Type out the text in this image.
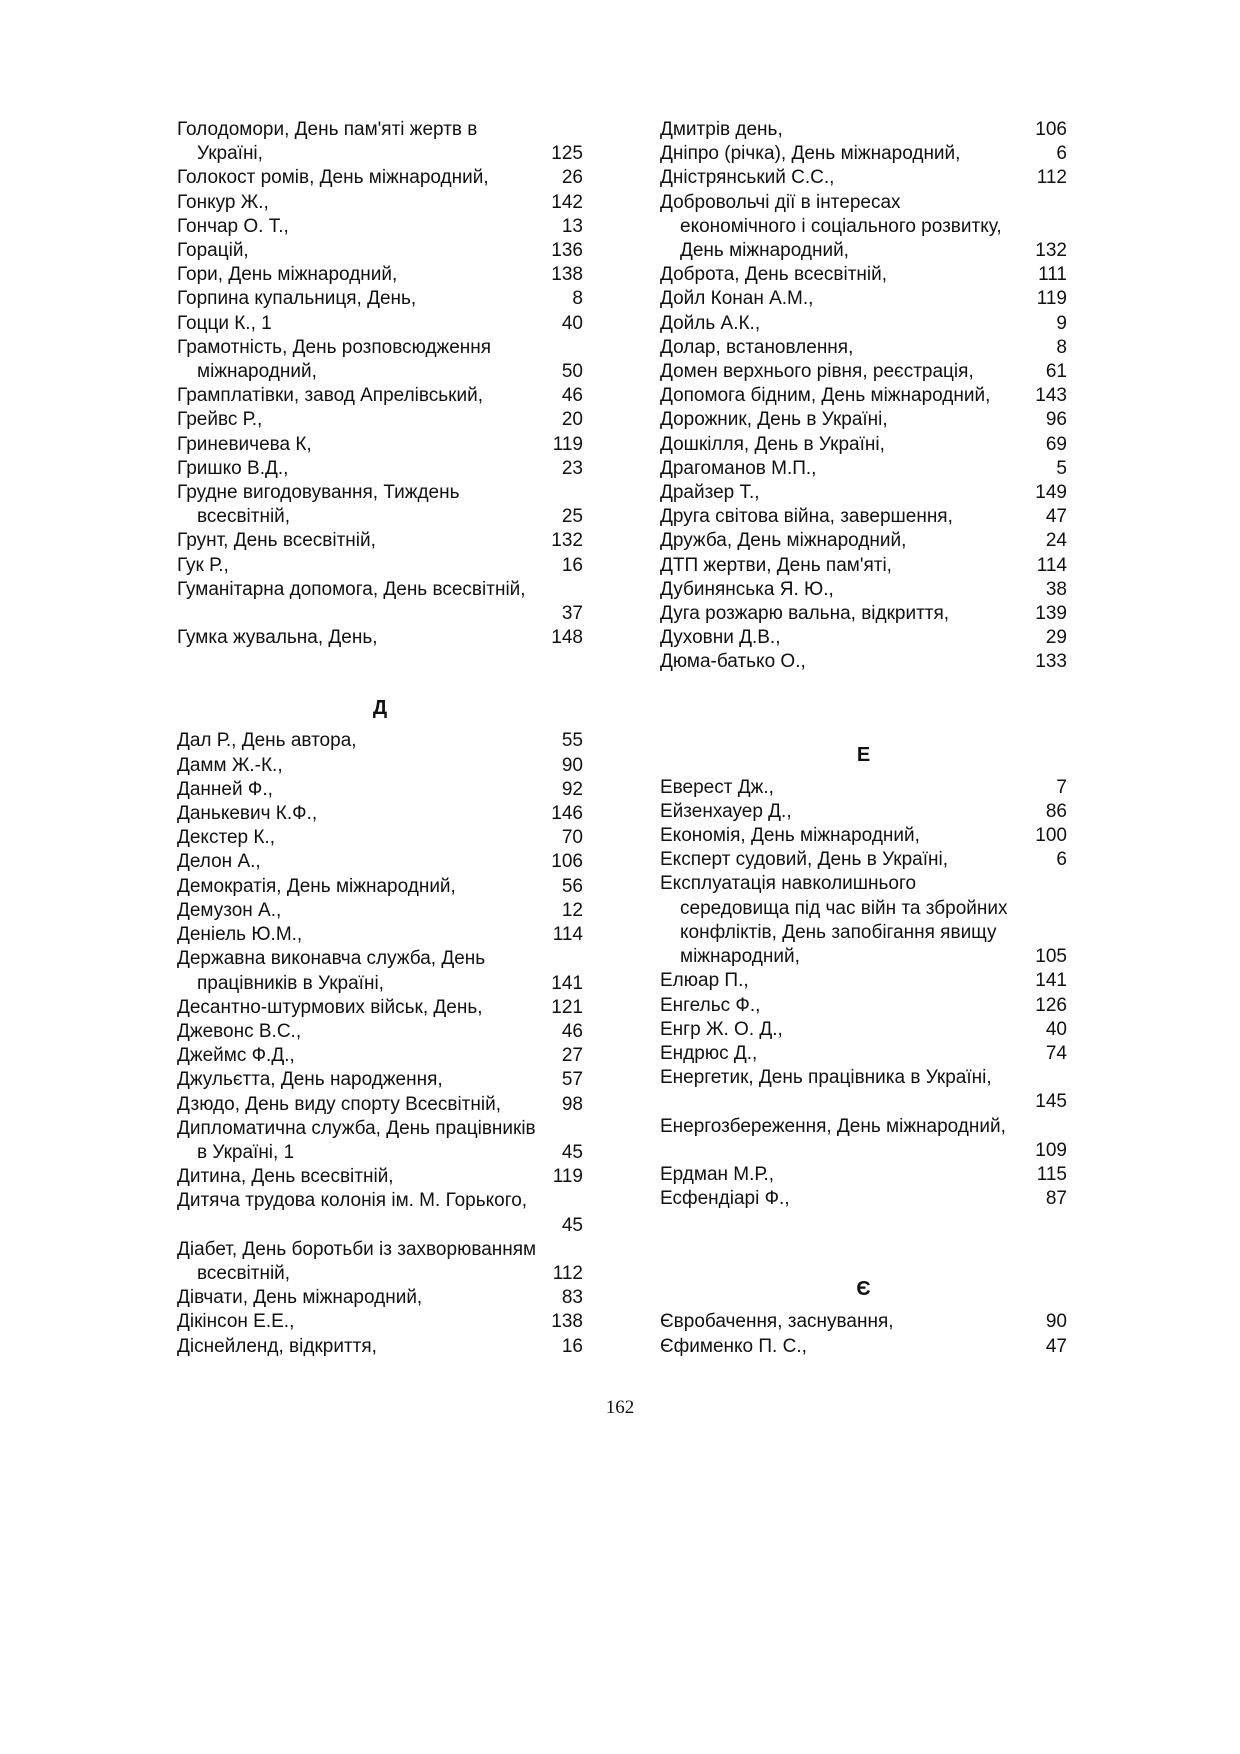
Голодомори, День пам'яті жертв в
Україні,	125
Голокост ромів, День міжнародний,	26
Гонкур Ж.,	142
Гончар О. Т.,	13
Горацій,	136
Гори, День міжнародний,	138
Горпина купальниця, День,	8
Гоцци К., 1	40
Грамотність, День розповсюдження
міжнародний,	50
Грамплатівки, завод Апрелівський,	46
Грейвс Р.,	20
Гриневичева К,	119
Гришко В.Д.,	23
Грудне вигодовування, Тиждень
всесвітній,	25
Грунт, День всесвітній,	132
Гук Р.,	16
Гуманітарна допомога, День всесвітній,
37
Гумка жувальна, День,	148
Д
Дал Р., День автора,	55
Дамм Ж.-К.,	90
Данней Ф.,	92
Данькевич К.Ф.,	146
Декстер К.,	70
Делон А.,	106
Демократія, День міжнародний,	56
Демузон А.,	12
Деніель Ю.М.,	114
Державна виконавча служба, День
працівників в Україні,	141
Десантно-штурмових військ, День,	121
Джевонс В.С.,	46
Джеймс Ф.Д.,	27
Джульєтта, День народження,	57
Дзюдо, День виду спорту Всесвітній,	98
Дипломатична служба, День працівників
в Україні, 1	45
Дитина, День всесвітній,	119
Дитяча трудова колонія ім. М. Горького,
45
Діабет, День боротьби із захворюванням
всесвітній,	112
Дівчати, День міжнародний,	83
Дікінсон Е.Е.,	138
Діснейленд, відкриття,	16
Дмитрів день,	106
Дніпро (річка), День міжнародний,	6
Дністрянський С.С.,	112
Добровольчі дії в інтересах
економічного і соціального розвитку,
День міжнародний,	132
Доброта, День всесвітній,	111
Дойл Конан А.М.,	119
Дойль А.К.,	9
Долар, встановлення,	8
Домен верхнього рівня, реєстрація,	61
Допомога бідним, День міжнародний, 143
Дорожник, День в Україні,	96
Дошкілля, День в Україні,	69
Драгоманов М.П.,	5
Драйзер Т.,	149
Друга світова війна, завершення,	47
Дружба, День міжнародний,	24
ДТП жертви, День пам'яті,	114
Дубинянська Я. Ю.,	38
Дуга розжарю вальна, відкриття,	139
Духовни Д.В.,	29
Дюма-батько О.,	133
Е
Еверест Дж.,	7
Ейзенхауер Д.,	86
Економія, День міжнародний,	100
Експерт судовий, День в Україні,	6
Експлуатація навколишнього
середовища під час війн та збройних
конфліктів, День запобігання явищу
міжнародний,	105
Елюар П.,	141
Енгельс Ф.,	126
Енгр Ж. О. Д.,	40
Ендрюс Д.,	74
Енергетик, День працівника в Україні,
145
Енергозбереження, День міжнародний,
109
Ердман М.Р.,	115
Есфендіарі Ф.,	87
Є
Євробачення, заснування,	90
Єфименко П. С.,	47
162
